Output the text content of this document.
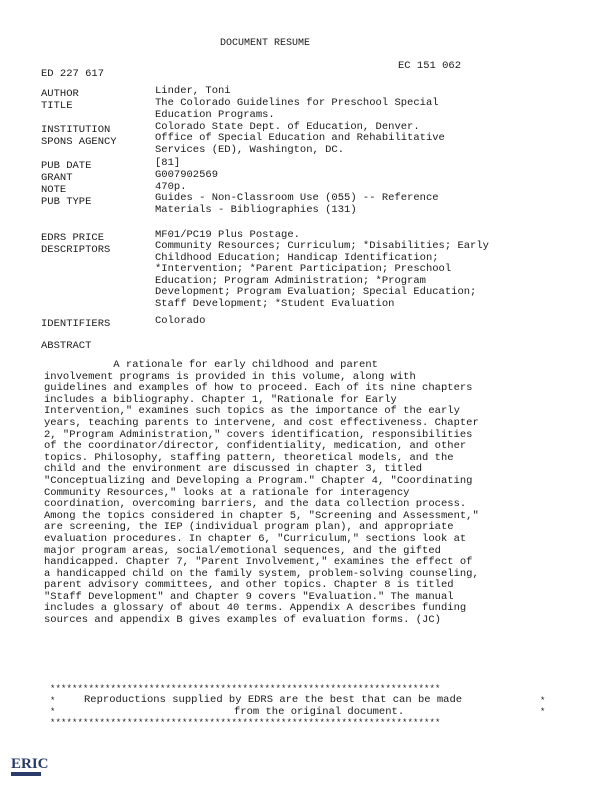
DOCUMENT RESUME
ED 227 617
EC 151 062
AUTHOR	Linder, Toni
TITLE	The Colorado Guidelines for Preschool Special
Education Programs.
INSTITUTION	Colorado State Dept. of Education, Denver.
SPONS AGENCY	Office of Special Education and Rehabilitative
Services (ED), Washington, DC.
PUB DATE	[81]
GRANT	G007902569
NOTE	470p.
PUB TYPE	Guides - Non-Classroom Use (055) -- Reference
Materials - Bibliographies (131)
EDRS PRICE	MF01/PC19 Plus Postage.
DESCRIPTORS	Community Resources; Curriculum; *Disabilities; Early
Childhood Education; Handicap Identification;
*Intervention; *Parent Participation; Preschool
Education; Program Administration; *Program
Development; Program Evaluation; Special Education;
Staff Development; *Student Evaluation
IDENTIFIERS	Colorado
ABSTRACT
A rationale for early childhood and parent
involvement programs is provided in this volume, along with
guidelines and examples of how to proceed. Each of its nine chapters
includes a bibliography. Chapter 1, "Rationale for Early
Intervention," examines such topics as the importance of the early
years, teaching parents to intervene, and cost effectiveness. Chapter
2, "Program Administration," covers identification, responsibilities
of the coordinator/director, confidentiality, medication, and other
topics. Philosophy, staffing pattern, theoretical models, and the
child and the environment are discussed in chapter 3, titled
"Conceptualizing and Developing a Program." Chapter 4, "Coordinating
Community Resources," looks at a rationale for interagency
coordination, overcoming barriers, and the data collection process.
Among the topics considered in chapter 5, "Screening and Assessment,"
are screening, the IEP (individual program plan), and appropriate
evaluation procedures. In chapter 6, "Curriculum," sections look at
major program areas, social/emotional sequences, and the gifted
handicapped. Chapter 7, "Parent Involvement," examines the effect of
a handicapped child on the family system, problem-solving counseling,
parent advisory committees, and other topics. Chapter 8 is titled
"Staff Development" and Chapter 9 covers "Evaluation." The manual
includes a glossary of about 40 terms. Appendix A describes funding
sources and appendix B gives examples of evaluation forms. (JC)
***********************************************************************
*	*
Reproductions supplied by EDRS are the best that can be made
*	*
from the original document.
***********************************************************************
ERIC
